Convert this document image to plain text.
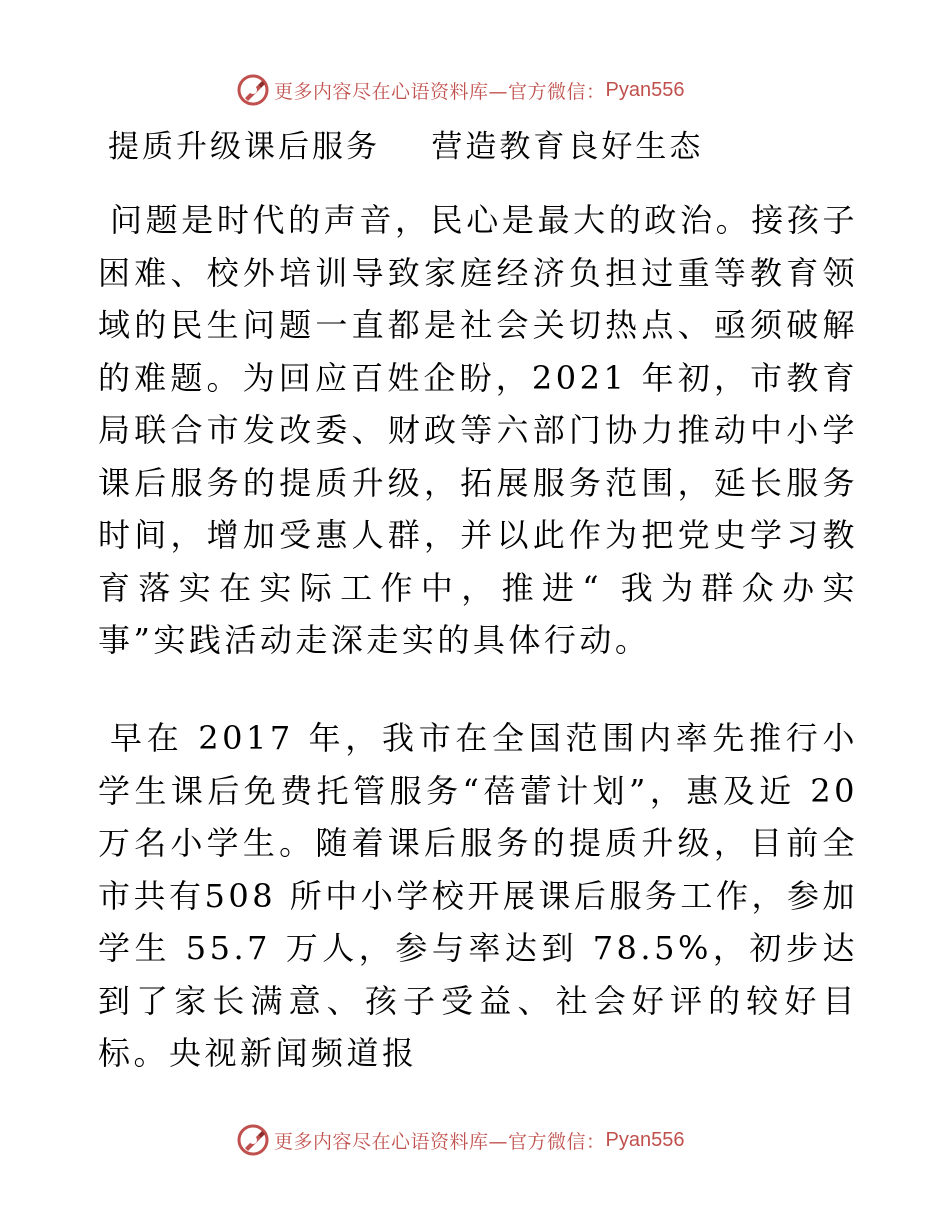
更多内容尽在心语资料库—官方微信： Pyan556
提质升级课后服务    营造教育良好生态
问题是时代的声音，民心是最大的政治。接孩子困难、校外培训导致家庭经济负担过重等教育领域的民生问题一直都是社会关切热点、亟须破解的难题。为回应百姓企盼，2021 年初，市教育局联合市发改委、财政等六部门协力推动中小学课后服务的提质升级，拓展服务范围，延长服务时间，增加受惠人群，并以此作为把党史学习教育落实在实际工作中，推进“ 我为群众办实事”实践活动走深走实的具体行动。
早在 2017 年，我市在全国范围内率先推行小学生课后免费托管服务“蓓蕾计划”，惠及近 20 万名小学生。随着课后服务的提质升级，目前全市共有508 所中小学校开展课后服务工作，参加学生 55.7 万人，参与率达到 78.5%，初步达到了家长满意、孩子受益、社会好评的较好目标。央视新闻频道报
更多内容尽在心语资料库—官方微信： Pyan556
